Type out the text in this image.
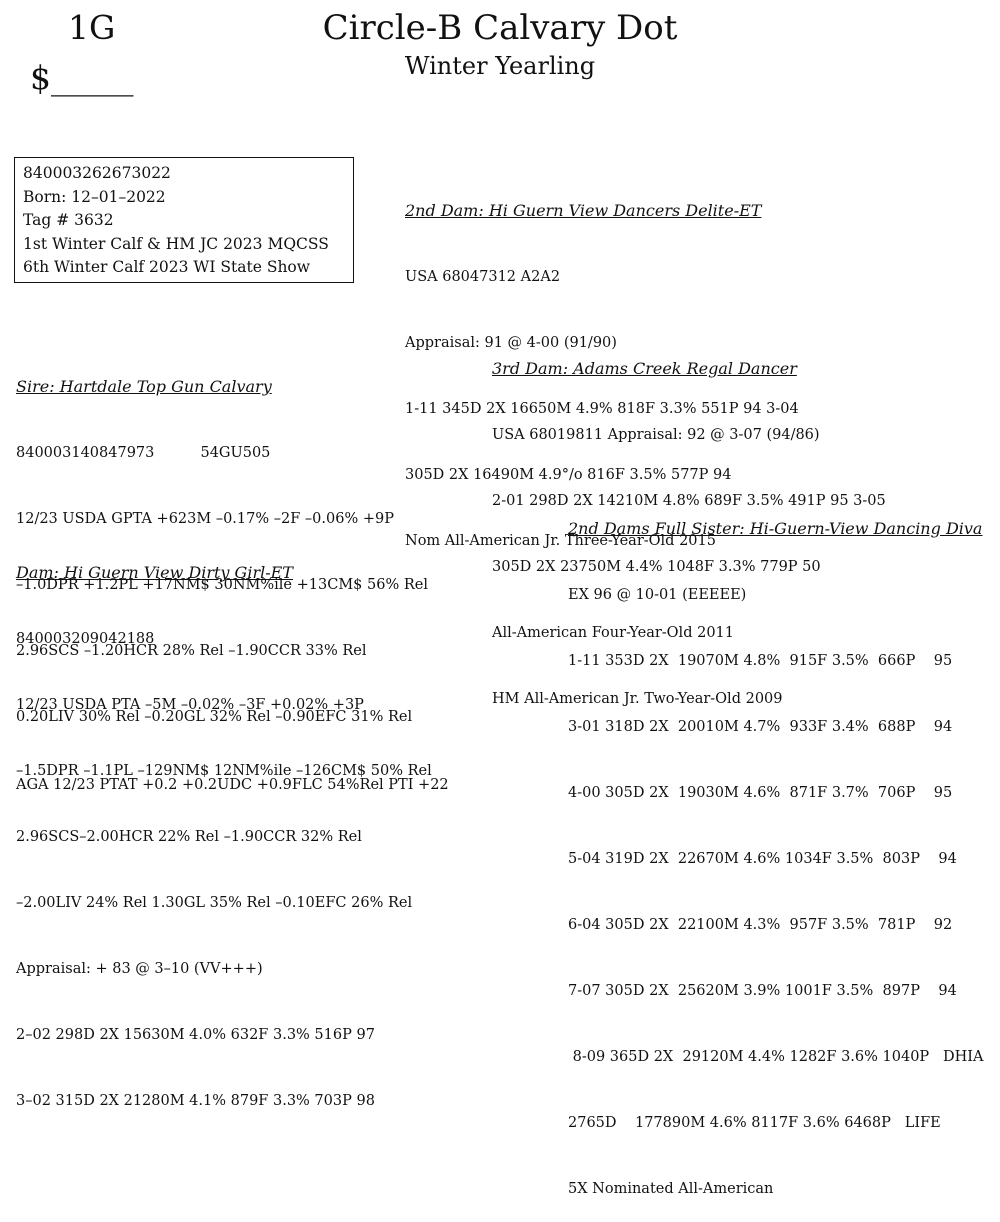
1G
$_____
Circle-B Calvary Dot
Winter Yearling
840003262673022
Born: 12–01–2022
Tag # 3632
1st Winter Calf & HM JC 2023 MQCSS
6th Winter Calf 2023 WI State Show

2nd Dam: Hi Guern View Dancers Delite-ET

USA 68047312 A2A2

Appraisal: 91 @ 4-00 (91/90)

1-11 345D 2X 16650M 4.9% 818F 3.3% 551P 94 3-04

305D 2X 16490M 4.9°/o 816F 3.5% 577P 94

Nom All-American Jr. Three-Year-Old 2015

Sire: Hartdale Top Gun Calvary

840003140847973          54GU505

12/23 USDA GPTA +623M –0.17% –2F –0.06% +9P

–1.0DPR +1.2PL +17NM$ 30NM%ile +13CM$ 56% Rel

2.96SCS –1.20HCR 28% Rel –1.90CCR 33% Rel

0.20LIV 30% Rel –0.20GL 32% Rel –0.90EFC 31% Rel

AGA 12/23 PTAT +0.2 +0.2UDC +0.9FLC 54%Rel PTI +22

3rd Dam: Adams Creek Regal Dancer

USA 68019811 Appraisal: 92 @ 3-07 (94/86)

2-01 298D 2X 14210M 4.8% 689F 3.5% 491P 95 3-05

305D 2X 23750M 4.4% 1048F 3.3% 779P 50

All-American Four-Year-Old 2011

HM All-American Jr. Two-Year-Old 2009

Dam: Hi Guern View Dirty Girl-ET

840003209042188

12/23 USDA PTA –5M –0.02% –3F +0.02% +3P

–1.5DPR –1.1PL –129NM$ 12NM%ile –126CM$ 50% Rel

2.96SCS–2.00HCR 22% Rel –1.90CCR 32% Rel

–2.00LIV 24% Rel 1.30GL 35% Rel –0.10EFC 26% Rel

Appraisal: + 83 @ 3–10 (VV+++)

2–02 298D 2X 15630M 4.0% 632F 3.3% 516P 97

3–02 315D 2X 21280M 4.1% 879F 3.3% 703P 98

2nd Dams Full Sister: Hi-Guern-View Dancing Diva

EX 96 @ 10-01 (EEEEE)

1-11 353D 2X  19070M 4.8%  915F 3.5%  666P    95

3-01 318D 2X  20010M 4.7%  933F 3.4%  688P    94

4-00 305D 2X  19030M 4.6%  871F 3.7%  706P    95

5-04 319D 2X  22670M 4.6% 1034F 3.5%  803P    94

6-04 305D 2X  22100M 4.3%  957F 3.5%  781P    92

7-07 305D 2X  25620M 3.9% 1001F 3.5%  897P    94

8-09 365D 2X  29120M 4.4% 1282F 3.6% 1040P   DHIA

2765D    177890M 4.6% 8117F 3.6% 6468P   LIFE

5X Nominated All-American
